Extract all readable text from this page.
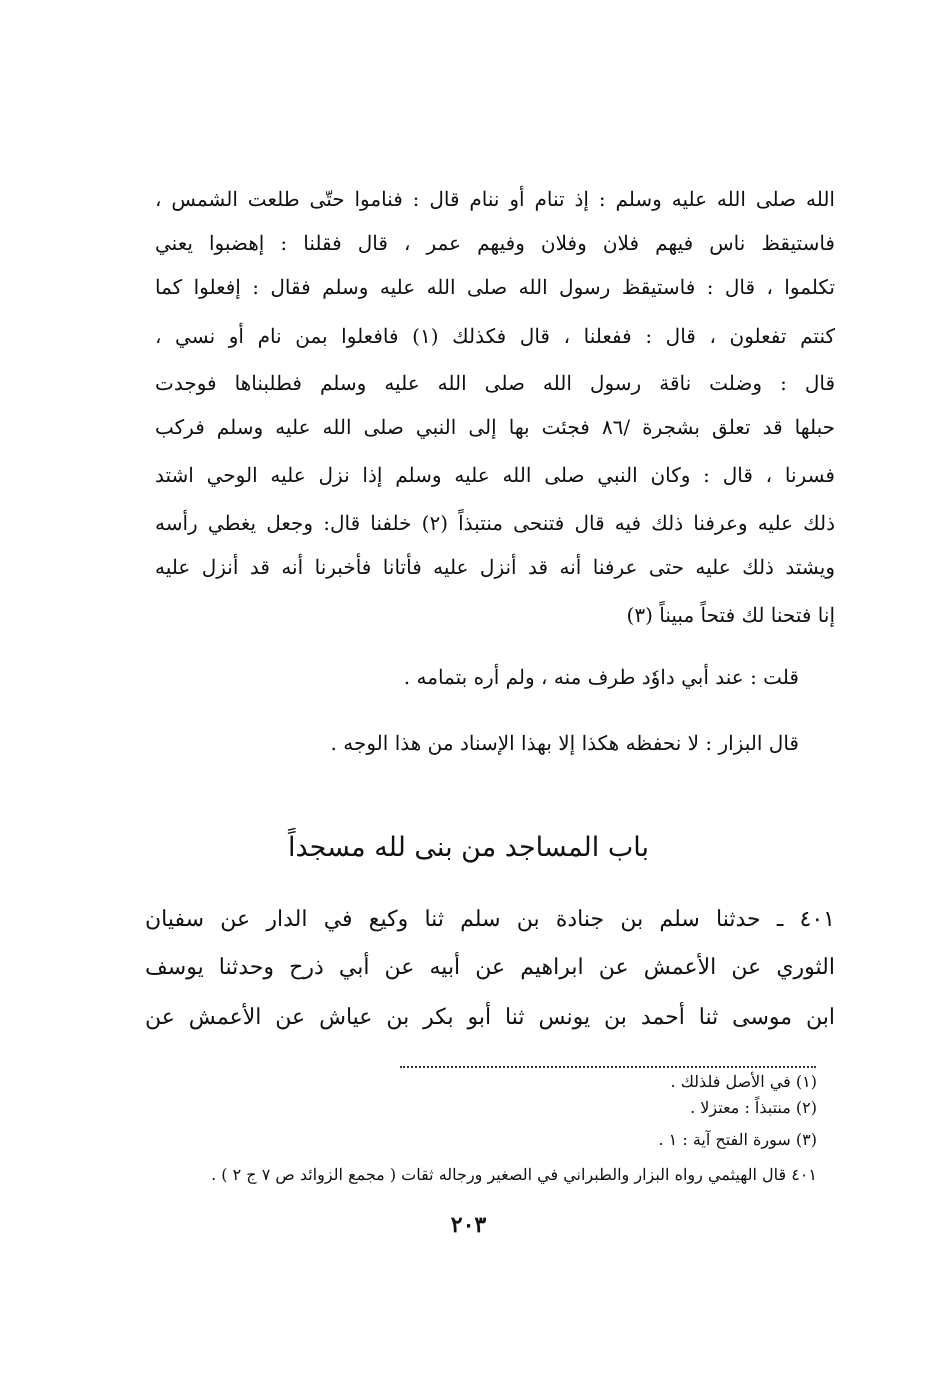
الله صلى الله عليه وسلم : إذ تنام أو ننام قال : فناموا حتّى طلعت الشمس ،
فاستيقظ ناس فيهم فلان وفلان وفيهم عمر ، قال فقلنا : إهضبوا يعني
تكلموا ، قال : فاستيقظ رسول الله صلى الله عليه وسلم فقال : إفعلوا كما
كنتم تفعلون ، قال : ففعلنا ، قال فكذلك (١) فافعلوا بمن نام أو نسي ،
قال : وضلت ناقة رسول الله صلى الله عليه وسلم فطلبناها فوجدت
حبلها قد تعلق بشجرة /٨٦ فجئت بها إلى النبي صلى الله عليه وسلم فركب
فسرنا ، قال : وكان النبي صلى الله عليه وسلم إذا نزل عليه الوحي اشتد
ذلك عليه وعرفنا ذلك فيه قال فتنحى منتبذاً (٢) خلفنا قال: وجعل يغطي رأسه
ويشتد ذلك عليه حتى عرفنا أنه قد أنزل عليه فأتانا فأخبرنا أنه قد أنزل عليه
إنا فتحنا لك فتحاً مبيناً (٣)
قلت : عند أبي داوٗد طرف منه ، ولم أره بتمامه .
قال البزار : لا نحفظه هكذا إلا بهذا الإسناد من هذا الوجه .
باب المساجد من بنى لله مسجداً
٤٠١ ـ حدثنا سلم بن جنادة بن سلم ثنا وكيع في الدار عن سفيان
الثوري عن الأعمش عن ابراهيم عن أبيه عن أبي ذرح وحدثنا يوسف
ابن موسى ثنا أحمد بن يونس ثنا أبو بكر بن عياش عن الأعمش عن
(١) في الأصل فلذلك .
(٢) منتبذاً : معتزلا .
(٣) سورة الفتح آية : ١ .
٤٠١ قال الهيثمي رواه البزار والطبراني في الصغير ورجاله ثقات ( مجمع الزوائد ص ٧ ج ٢ ) .
٢٠٣
